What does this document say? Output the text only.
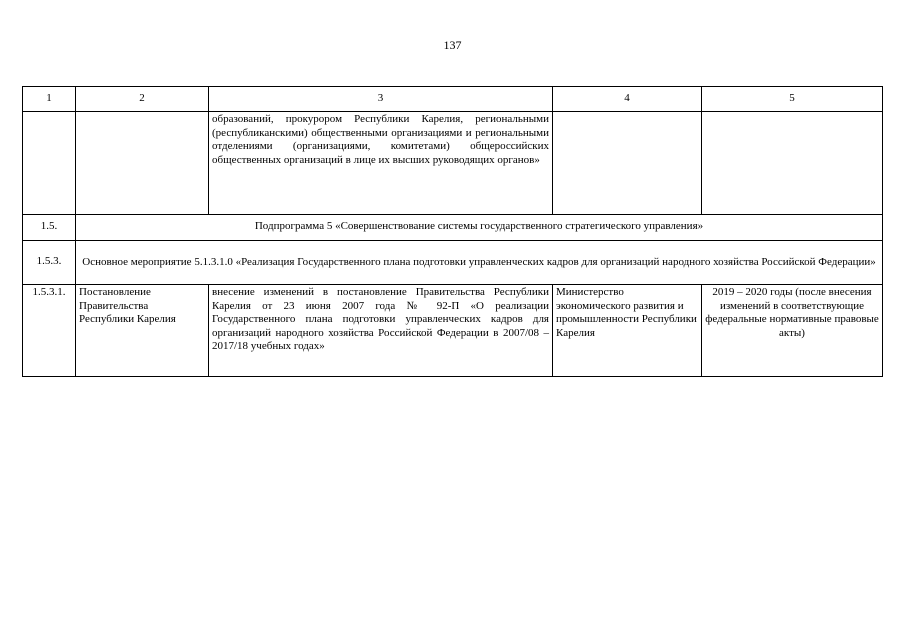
137
1	2	3	4	5
		образований, прокурором Республики Карелия, региональными (республиканскими) общественными организациями и региональными отделениями (организациями, комитетами) общероссийских общественных организаций в лице их высших руководящих органов»		
1.5.	Подпрограмма 5 «Совершенствование системы государственного стратегического управления»			
1.5.3.	Основное мероприятие 5.1.3.1.0 «Реализация Государственного плана подготовки управленческих кадров для организаций народного хозяйства Российской Федерации»			
1.5.3.1.	Постановление Правительства Республики Карелия	внесение изменений в постановление Правительства Республики Карелия от 23 июня 2007 года № 92-П «О реализации Государственного плана подготовки управленческих кадров для организаций народного хозяйства Российской Федерации в 2007/08 – 2017/18 учебных годах»	Министерство экономического развития и промышленности Республики Карелия	2019 – 2020 годы (после внесения изменений в соответствующие федеральные нормативные правовые акты)
